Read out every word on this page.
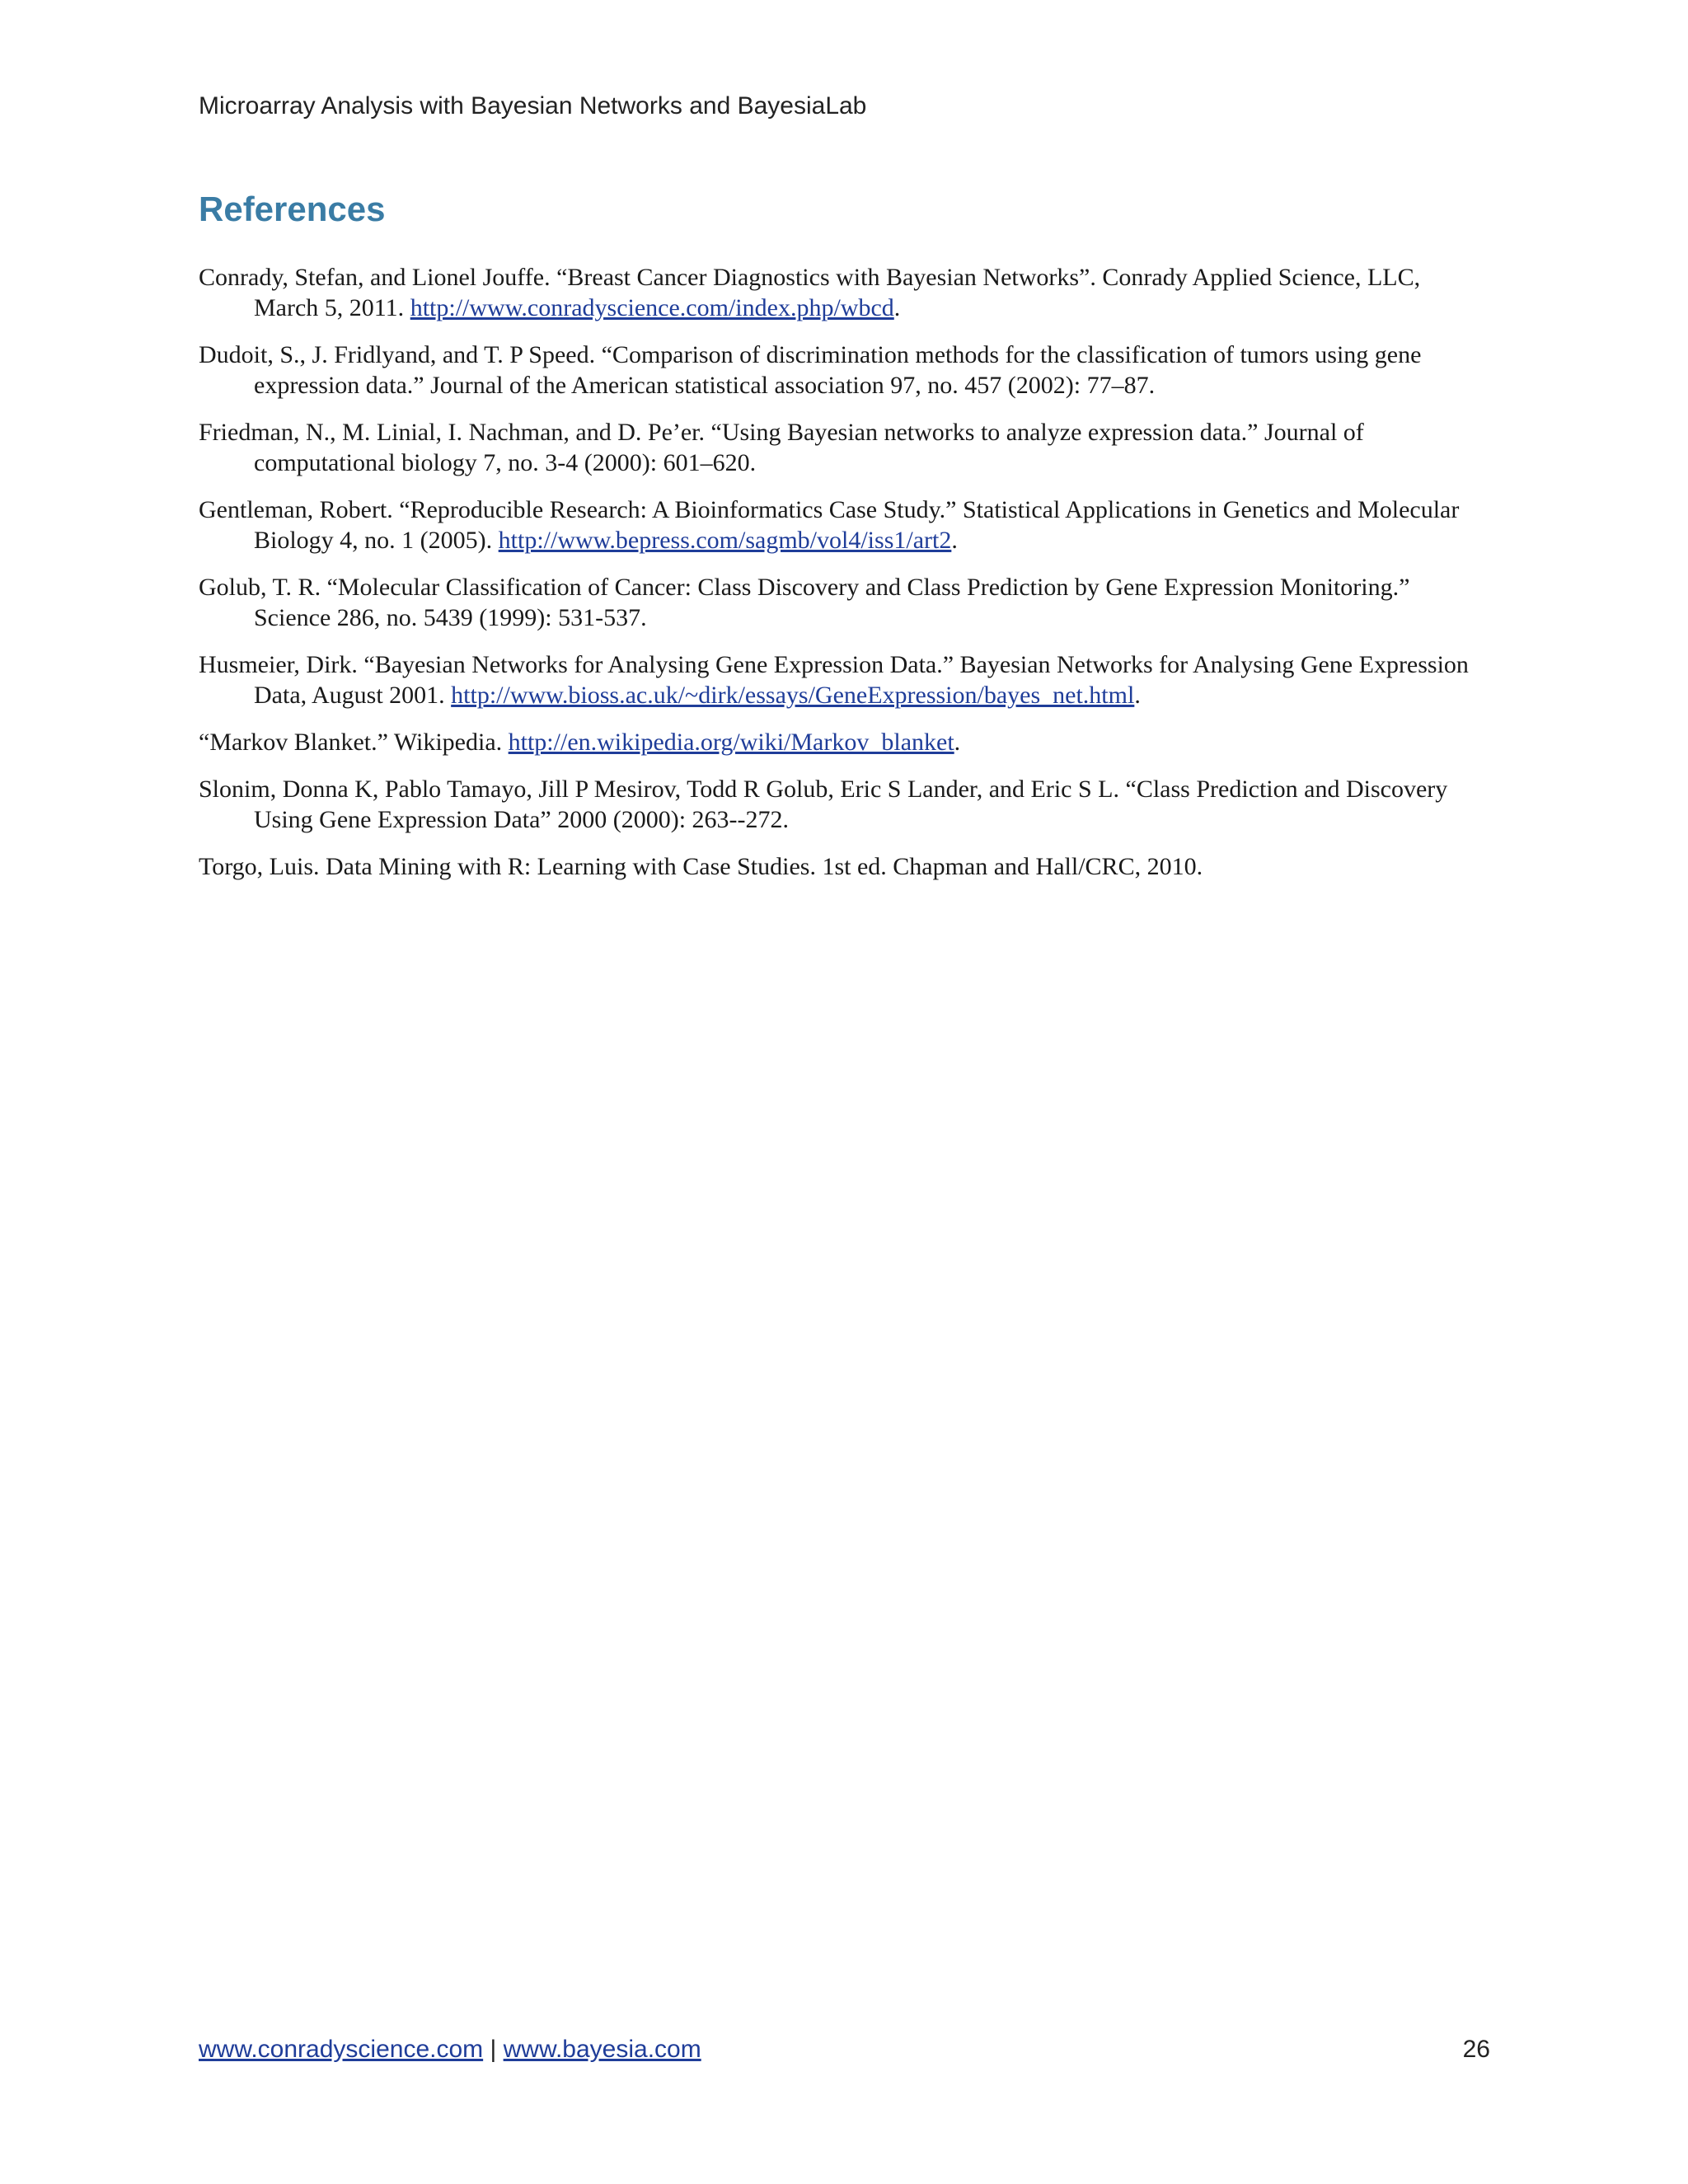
Microarray Analysis with Bayesian Networks and BayesiaLab
References
Conrady, Stefan, and Lionel Jouffe. “Breast Cancer Diagnostics with Bayesian Networks”. Conrady Applied Science, LLC, March 5, 2011. http://www.conradyscience.com/index.php/wbcd.
Dudoit, S., J. Fridlyand, and T. P Speed. “Comparison of discrimination methods for the classification of tumors using gene expression data.” Journal of the American statistical association 97, no. 457 (2002): 77–87.
Friedman, N., M. Linial, I. Nachman, and D. Pe’er. “Using Bayesian networks to analyze expression data.” Journal of computational biology 7, no. 3-4 (2000): 601–620.
Gentleman, Robert. “Reproducible Research: A Bioinformatics Case Study.” Statistical Applications in Genetics and Molecular Biology 4, no. 1 (2005). http://www.bepress.com/sagmb/vol4/iss1/art2.
Golub, T. R. “Molecular Classification of Cancer: Class Discovery and Class Prediction by Gene Expression Monitoring.” Science 286, no. 5439 (1999): 531-537.
Husmeier, Dirk. “Bayesian Networks for Analysing Gene Expression Data.” Bayesian Networks for Analysing Gene Expression Data, August 2001. http://www.bioss.ac.uk/~dirk/essays/GeneExpression/bayes_net.html.
“Markov Blanket.” Wikipedia. http://en.wikipedia.org/wiki/Markov_blanket.
Slonim, Donna K, Pablo Tamayo, Jill P Mesirov, Todd R Golub, Eric S Lander, and Eric S L. “Class Prediction and Discovery Using Gene Expression Data” 2000 (2000): 263--272.
Torgo, Luis. Data Mining with R: Learning with Case Studies. 1st ed. Chapman and Hall/CRC, 2010.
www.conradyscience.com | www.bayesia.com	26
